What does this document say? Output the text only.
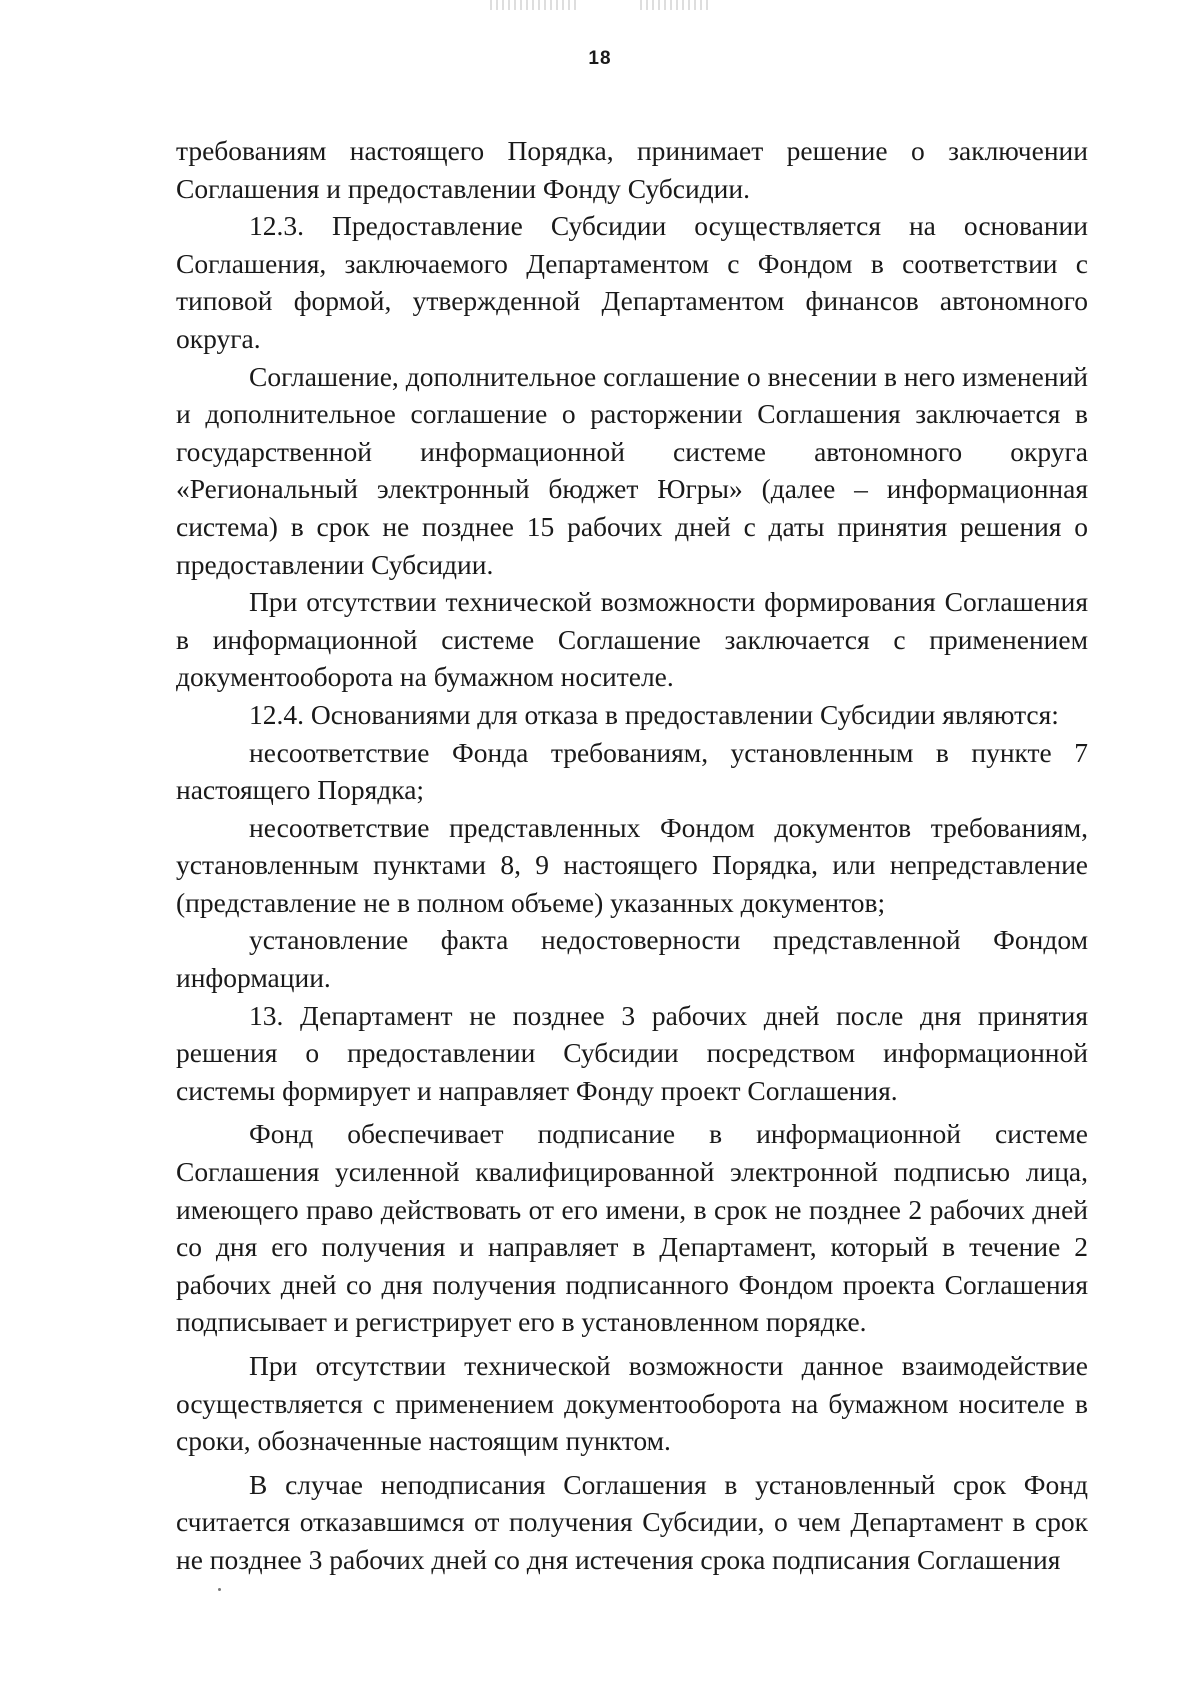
18

требованиям настоящего Порядка, принимает решение о заключении Соглашения и предоставлении Фонду Субсидии.

12.3. Предоставление Субсидии осуществляется на основании Соглашения, заключаемого Департаментом с Фондом в соответствии с типовой формой, утвержденной Департаментом финансов автономного округа.

Соглашение, дополнительное соглашение о внесении в него изменений и дополнительное соглашение о расторжении Соглашения заключается в государственной информационной системе автономного округа «Региональный электронный бюджет Югры» (далее – информационная система) в срок не позднее 15 рабочих дней с даты принятия решения о предоставлении Субсидии.

При отсутствии технической возможности формирования Соглашения в информационной системе Соглашение заключается с применением документооборота на бумажном носителе.

12.4. Основаниями для отказа в предоставлении Субсидии являются:

несоответствие Фонда требованиям, установленным в пункте 7 настоящего Порядка;

несоответствие представленных Фондом документов требованиям, установленным пунктами 8, 9 настоящего Порядка, или непредставление (представление не в полном объеме) указанных документов;

установление факта недостоверности представленной Фондом информации.

13. Департамент не позднее 3 рабочих дней после дня принятия решения о предоставлении Субсидии посредством информационной системы формирует и направляет Фонду проект Соглашения.

Фонд обеспечивает подписание в информационной системе Соглашения усиленной квалифицированной электронной подписью лица, имеющего право действовать от его имени, в срок не позднее 2 рабочих дней со дня его получения и направляет в Департамент, который в течение 2 рабочих дней со дня получения подписанного Фондом проекта Соглашения подписывает и регистрирует его в установленном порядке.

При отсутствии технической возможности данное взаимодействие осуществляется с применением документооборота на бумажном носителе в сроки, обозначенные настоящим пунктом.

В случае неподписания Соглашения в установленный срок Фонд считается отказавшимся от получения Субсидии, о чем Департамент в срок не позднее 3 рабочих дней со дня истечения срока подписания Соглашения
